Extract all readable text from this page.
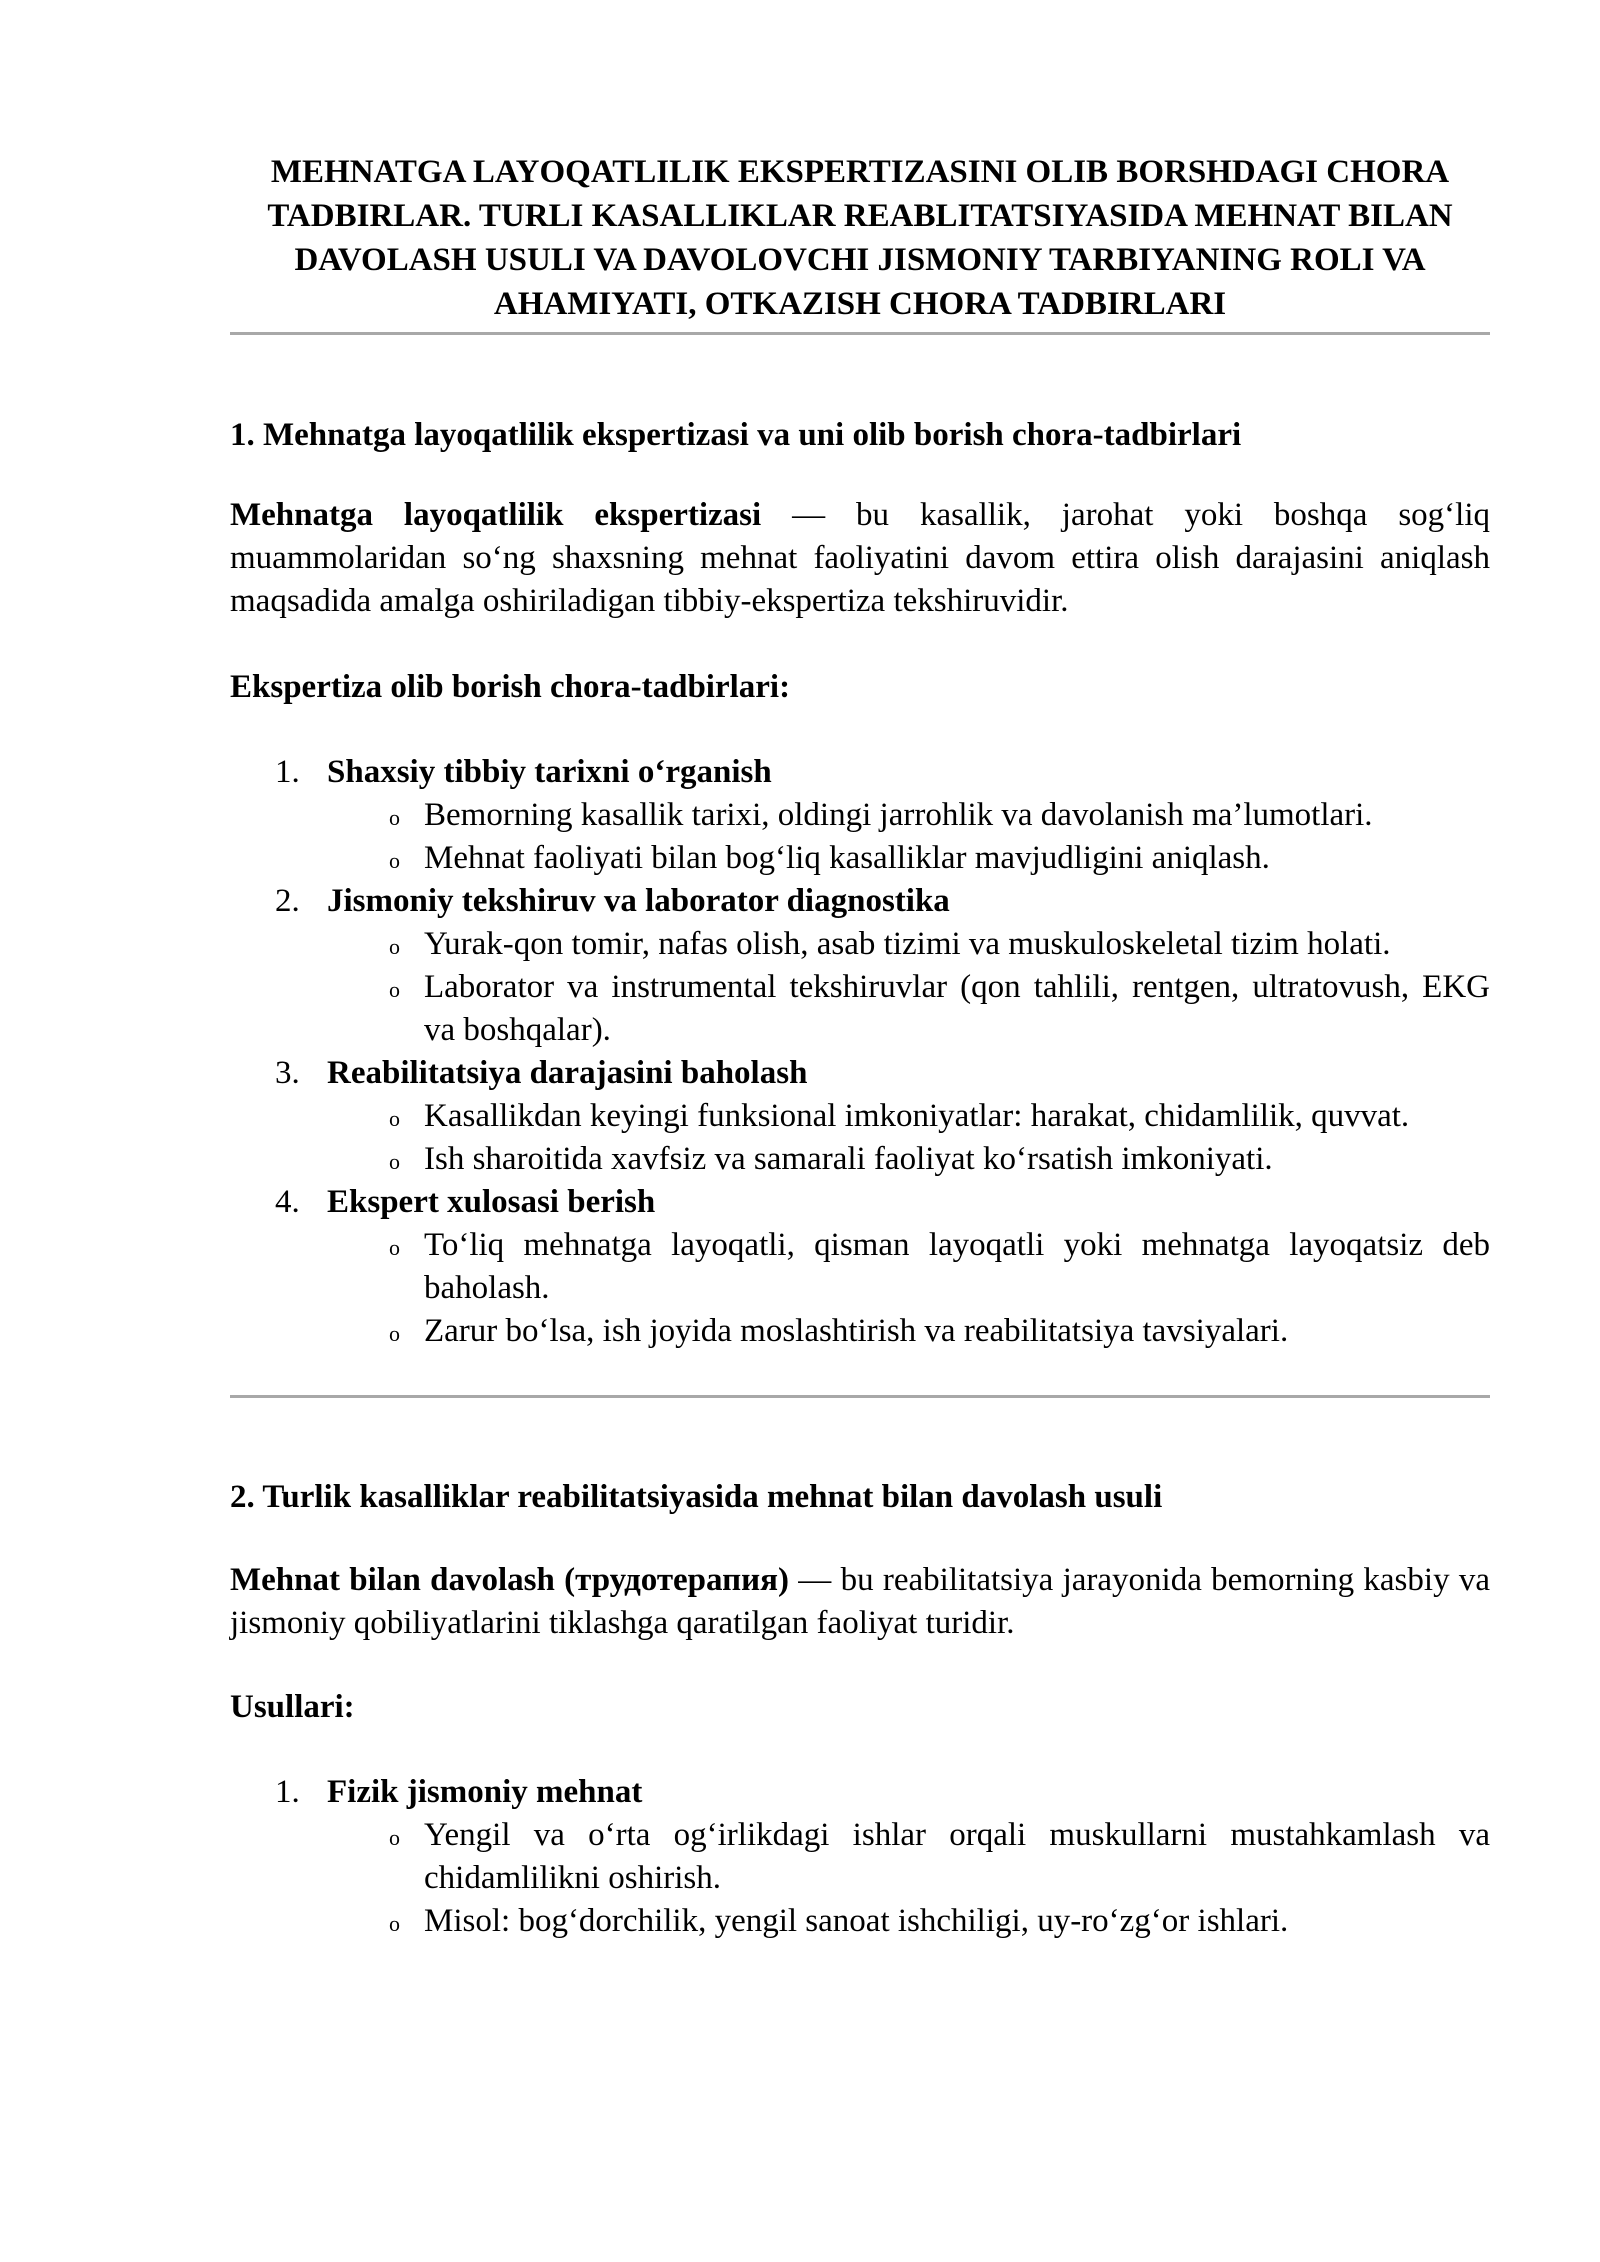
MEHNATGA LAYOQATLILIK EKSPERTIZASINI OLIB BORSHDAGI CHORA TADBIRLAR. TURLI KASALLIKLAR REABLITATSIYASIDA MEHNAT BILAN DAVOLASH USULI VA DAVOLOVCHI JISMONIY TARBIYANING ROLI VA AHAMIYATI, OTKAZISH CHORA TADBIRLARI
1. Mehnatga layoqatlilik ekspertizasi va uni olib borish chora-tadbirlari

Mehnatga layoqatlilik ekspertizasi — bu kasallik, jarohat yoki boshqa sog‘liq muammolaridan so‘ng shaxsning mehnat faoliyatini davom ettira olish darajasini aniqlash maqsadida amalga oshiriladigan tibbiy-ekspertiza tekshiruvidir.

Ekspertiza olib borish chora-tadbirlari:
1. Shaxsiy tibbiy tarixni o‘rganish
o Bemorning kasallik tarixi, oldingi jarrohlik va davolanish ma’lumotlari.
o Mehnat faoliyati bilan bog‘liq kasalliklar mavjudligini aniqlash.
2. Jismoniy tekshiruv va laborator diagnostika
o Yurak-qon tomir, nafas olish, asab tizimi va muskuloskeletal tizim holati.
o Laborator va instrumental tekshiruvlar (qon tahlili, rentgen, ultratovush, EKG va boshqalar).
3. Reabilitatsiya darajasini baholash
o Kasallikdan keyingi funksional imkoniyatlar: harakat, chidamlilik, quvvat.
o Ish sharoitida xavfsiz va samarali faoliyat ko‘rsatish imkoniyati.
4. Ekspert xulosasi berish
o To‘liq mehnatga layoqatli, qisman layoqatli yoki mehnatga layoqatsiz deb baholash.
o Zarur bo‘lsa, ish joyida moslashtirish va reabilitatsiya tavsiyalari.
2. Turlik kasalliklar reabilitatsiyasida mehnat bilan davolash usuli

Mehnat bilan davolash (трудотерапия) — bu reabilitatsiya jarayonida bemorning kasbiy va jismoniy qobiliyatlarini tiklashga qaratilgan faoliyat turidir.

Usullari:
1. Fizik jismoniy mehnat
o Yengil va o‘rta og‘irlikdagi ishlar orqali muskullarni mustahkamlash va chidamlilikni oshirish.
o Misol: bog‘dorchilik, yengil sanoat ishchiligi, uy-ro‘zg‘or ishlari.
